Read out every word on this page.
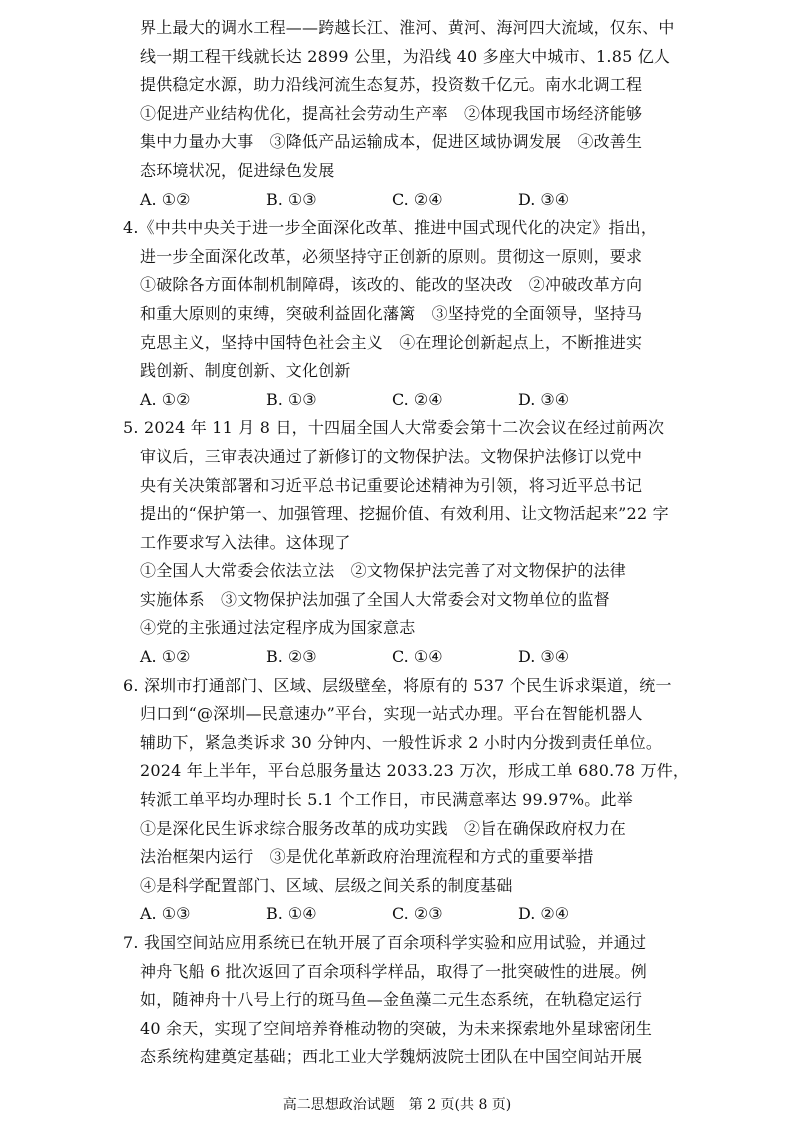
界上最大的调水工程——跨越长江、淮河、黄河、海河四大流域，仅东、中
线一期工程干线就长达 2899 公里，为沿线 40 多座大中城市、1.85 亿人
提供稳定水源，助力沿线河流生态复苏，投资数千亿元。南水北调工程
①促进产业结构优化，提高社会劳动生产率　②体现我国市场经济能够
集中力量办大事　③降低产品运输成本，促进区域协调发展　④改善生
态环境状况，促进绿色发展
A. ①②	B. ①③	C. ②④	D. ③④
4.《中共中央关于进一步全面深化改革、推进中国式现代化的决定》指出，
进一步全面深化改革，必须坚持守正创新的原则。贯彻这一原则，要求
①破除各方面体制机制障碍，该改的、能改的坚决改　②冲破改革方向
和重大原则的束缚，突破利益固化藩篱　③坚持党的全面领导，坚持马
克思主义，坚持中国特色社会主义　④在理论创新起点上，不断推进实
践创新、制度创新、文化创新
A. ①②	B. ①③	C. ②④	D. ③④
5. 2024 年 11 月 8 日，十四届全国人大常委会第十二次会议在经过前两次
审议后，三审表决通过了新修订的文物保护法。文物保护法修订以党中
央有关决策部署和习近平总书记重要论述精神为引领，将习近平总书记
提出的“保护第一、加强管理、挖掘价值、有效利用、让文物活起来”22 字
工作要求写入法律。这体现了
①全国人大常委会依法立法　②文物保护法完善了对文物保护的法律
实施体系　③文物保护法加强了全国人大常委会对文物单位的监督
④党的主张通过法定程序成为国家意志
A. ①②	B. ②③	C. ①④	D. ③④
6. 深圳市打通部门、区域、层级壁垒，将原有的 537 个民生诉求渠道，统一
归口到“@深圳—民意速办”平台，实现一站式办理。平台在智能机器人
辅助下，紧急类诉求 30 分钟内、一般性诉求 2 小时内分拨到责任单位。
2024 年上半年，平台总服务量达 2033.23 万次，形成工单 680.78 万件，
转派工单平均办理时长 5.1 个工作日，市民满意率达 99.97%。此举
①是深化民生诉求综合服务改革的成功实践　②旨在确保政府权力在
法治框架内运行　③是优化革新政府治理流程和方式的重要举措
④是科学配置部门、区域、层级之间关系的制度基础
A. ①③	B. ①④	C. ②③	D. ②④
7. 我国空间站应用系统已在轨开展了百余项科学实验和应用试验，并通过
神舟飞船 6 批次返回了百余项科学样品，取得了一批突破性的进展。例
如，随神舟十八号上行的斑马鱼—金鱼藻二元生态系统，在轨稳定运行
40 余天，实现了空间培养脊椎动物的突破，为未来探索地外星球密闭生
态系统构建奠定基础；西北工业大学魏炳波院士团队在中国空间站开展
高二思想政治试题　第 2 页(共 8 页)
